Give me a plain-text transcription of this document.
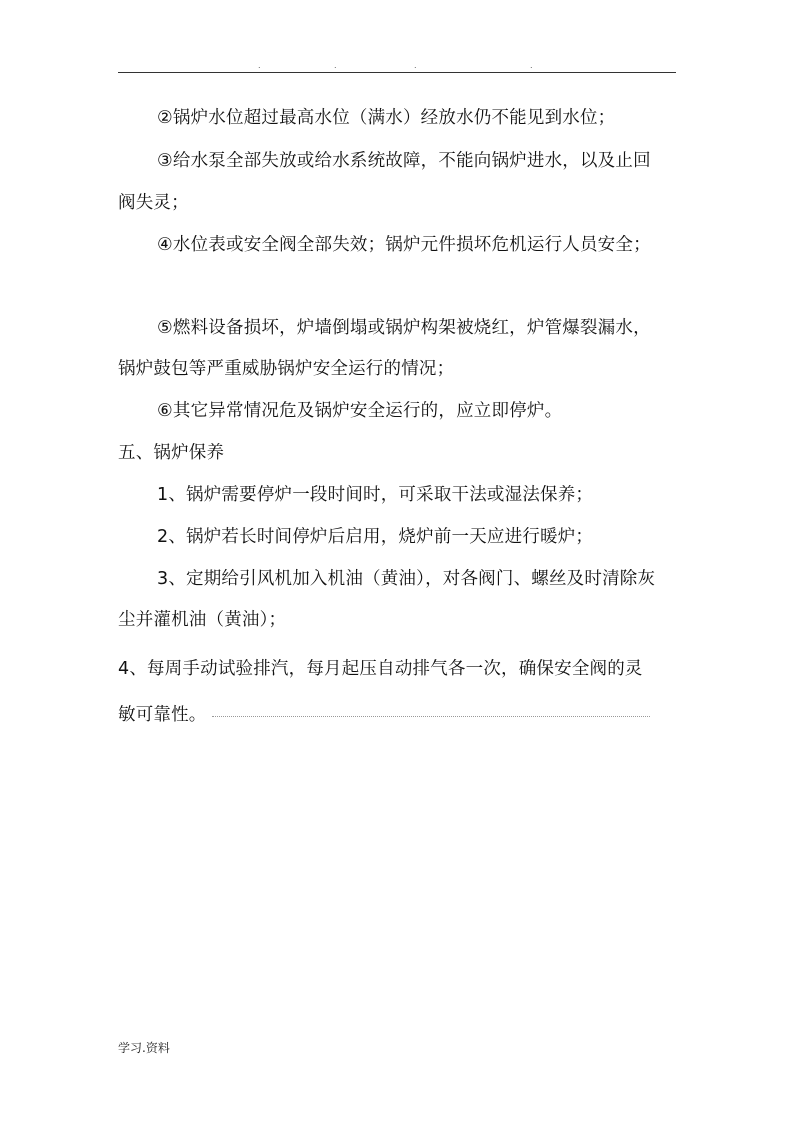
.	.	.	.
②锅炉水位超过最高水位（满水）经放水仍不能见到水位；
③给水泵全部失放或给水系统故障，不能向锅炉进水，以及止回
阀失灵；
④水位表或安全阀全部失效；锅炉元件损坏危机运行人员安全；
⑤燃料设备损坏，炉墙倒塌或锅炉构架被烧红，炉管爆裂漏水，
锅炉鼓包等严重威胁锅炉安全运行的情况；
⑥其它异常情况危及锅炉安全运行的，应立即停炉。
五、锅炉保养
1、锅炉需要停炉一段时间时，可采取干法或湿法保养；
2、锅炉若长时间停炉后启用，烧炉前一天应进行暖炉；
3、定期给引风机加入机油（黄油），对各阀门、螺丝及时清除灰
尘并灌机油（黄油）；
4、每周手动试验排汽，每月起压自动排气各一次，确保安全阀的灵
敏可靠性。
学习.资料
